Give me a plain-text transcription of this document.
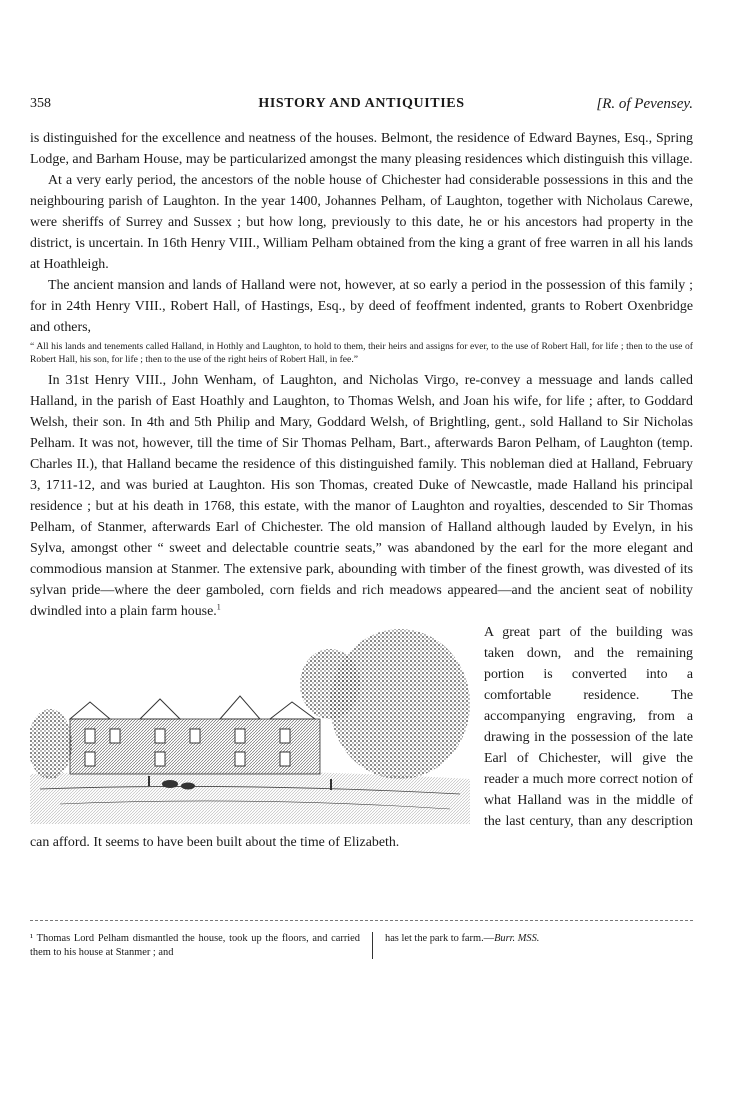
358	HISTORY AND ANTIQUITIES	[R. of Pevensey.

is distinguished for the excellence and neatness of the houses. Belmont, the residence of Edward Baynes, Esq., Spring Lodge, and Barham House, may be particularized amongst the many pleasing residences which distinguish this village.

At a very early period, the ancestors of the noble house of Chichester had considerable possessions in this and the neighbouring parish of Laughton. In the year 1400, Johannes Pelham, of Laughton, together with Nicholaus Carewe, were sheriffs of Surrey and Sussex ; but how long, previously to this date, he or his ancestors had property in the district, is uncertain. In 16th Henry VIII., William Pelham obtained from the king a grant of free warren in all his lands at Hoathleigh.

The ancient mansion and lands of Halland were not, however, at so early a period in the possession of this family ; for in 24th Henry VIII., Robert Hall, of Hastings, Esq., by deed of feoffment indented, grants to Robert Oxenbridge and others,

“ All his lands and tenements called Halland, in Hothly and Laughton, to hold to them, their heirs and assigns for ever, to the use of Robert Hall, for life ; then to the use of Robert Hall, his son, for life ; then to the use of the right heirs of Robert Hall, in fee.”

In 31st Henry VIII., John Wenham, of Laughton, and Nicholas Virgo, re-convey a messuage and lands called Halland, in the parish of East Hoathly and Laughton, to Thomas Welsh, and Joan his wife, for life ; after, to Goddard Welsh, their son. In 4th and 5th Philip and Mary, Goddard Welsh, of Brightling, gent., sold Halland to Sir Nicholas Pelham. It was not, however, till the time of Sir Thomas Pelham, Bart., afterwards Baron Pelham, of Laughton (temp. Charles II.), that Halland became the residence of this distinguished family. This nobleman died at Halland, February 3, 1711-12, and was buried at Laughton. His son Thomas, created Duke of Newcastle, made Halland his principal residence ; but at his death in 1768, this estate, with the manor of Laughton and royalties, descended to Sir Thomas Pelham, of Stanmer, afterwards Earl of Chichester. The old mansion of Halland although lauded by Evelyn, in his Sylva, amongst other “ sweet and delectable countrie seats,” was abandoned by the earl for the more elegant and commodious mansion at Stanmer. The extensive park, abounding with timber of the finest growth, was divested of its sylvan pride—where the deer gamboled, corn fields and rich meadows appeared—and the ancient seat of nobility dwindled into a plain farm house.$^1$

A great part of the building was taken down, and the remaining portion is converted into a comfortable residence. The accompanying engraving, from a drawing in the possession of the late Earl of Chichester, will give the reader a much more correct notion of what Halland was in the middle of the last century, than any description can afford. It seems to have been built about the time of Elizabeth.

¹ Thomas Lord Pelham dismantled the house, took up the floors, and carried them to his house at Stanmer ; and
has let the park to farm.—Burr. MSS.
